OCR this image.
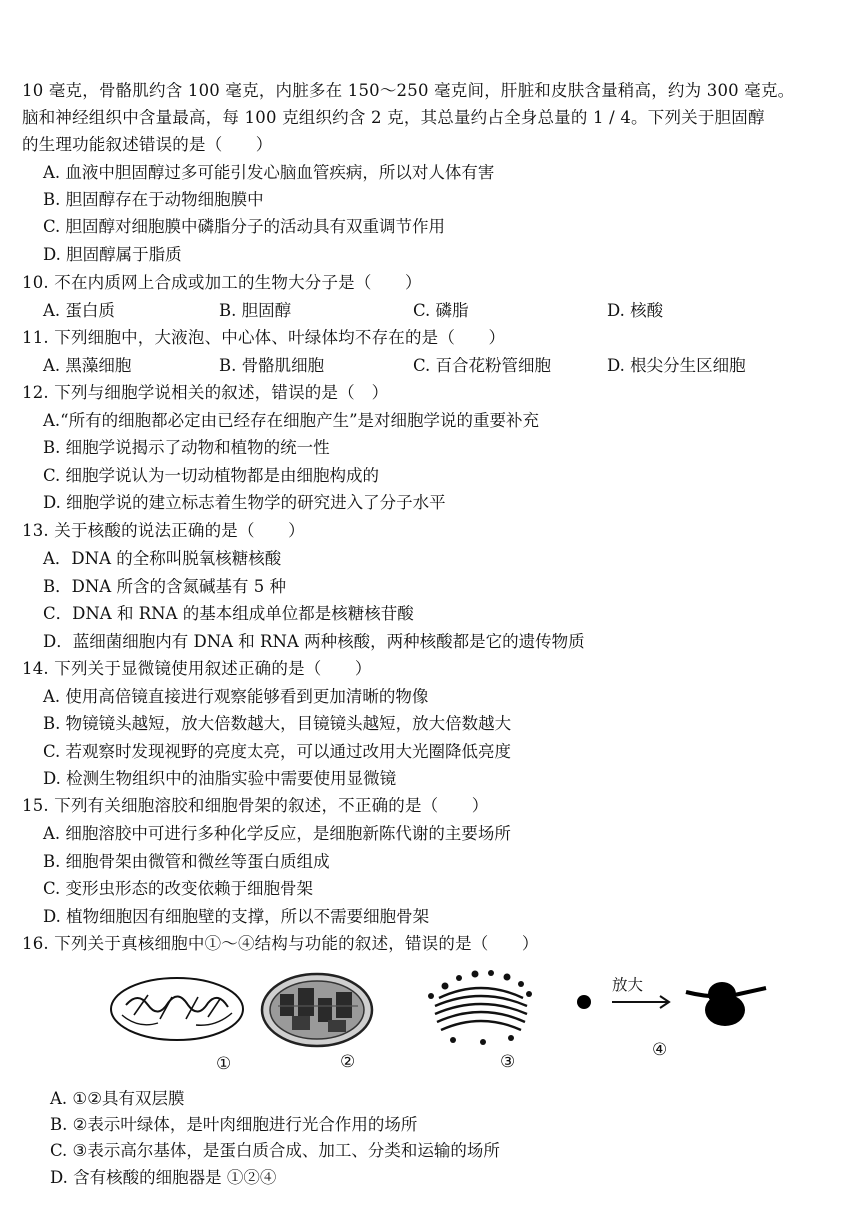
10 毫克，骨骼肌约含 100 毫克，内脏多在 150～250 毫克间，肝脏和皮肤含量稍高，约为 300 毫克。
脑和神经组织中含量最高，每 100 克组织约含 2 克，其总量约占全身总量的 1 / 4。下列关于胆固醇
的生理功能叙述错误的是（　　）
A. 血液中胆固醇过多可能引发心脑血管疾病，所以对人体有害
B. 胆固醇存在于动物细胞膜中
C. 胆固醇对细胞膜中磷脂分子的活动具有双重调节作用
D. 胆固醇属于脂质
10. 不在内质网上合成或加工的生物大分子是（　　）
A. 蛋白质	B. 胆固醇	C. 磷脂	D. 核酸
11. 下列细胞中，大液泡、中心体、叶绿体均不存在的是（　　）
A. 黑藻细胞	B. 骨骼肌细胞	C. 百合花粉管细胞	D. 根尖分生区细胞
12. 下列与细胞学说相关的叙述，错误的是（　）
A.“所有的细胞都必定由已经存在细胞产生”是对细胞学说的重要补充
B. 细胞学说揭示了动物和植物的统一性
C. 细胞学说认为一切动植物都是由细胞构成的
D. 细胞学说的建立标志着生物学的研究进入了分子水平
13. 关于核酸的说法正确的是（　　）
A．DNA 的全称叫脱氧核糖核酸
B．DNA 所含的含氮碱基有 5 种
C．DNA 和 RNA 的基本组成单位都是核糖核苷酸
D．蓝细菌细胞内有 DNA 和 RNA 两种核酸，两种核酸都是它的遗传物质
14. 下列关于显微镜使用叙述正确的是（　　）
A. 使用高倍镜直接进行观察能够看到更加清晰的物像
B. 物镜镜头越短，放大倍数越大，目镜镜头越短，放大倍数越大
C. 若观察时发现视野的亮度太亮，可以通过改用大光圈降低亮度
D. 检测生物组织中的油脂实验中需要使用显微镜
15. 下列有关细胞溶胶和细胞骨架的叙述，不正确的是（　　）
A. 细胞溶胶中可进行多种化学反应，是细胞新陈代谢的主要场所
B. 细胞骨架由微管和微丝等蛋白质组成
C. 变形虫形态的改变依赖于细胞骨架
D. 植物细胞因有细胞壁的支撑，所以不需要细胞骨架
16. 下列关于真核细胞中①～④结构与功能的叙述，错误的是（　　）
放大
①	②	③
④
A. ①②具有双层膜
B. ②表示叶绿体，是叶肉细胞进行光合作用的场所
C. ③表示高尔基体，是蛋白质合成、加工、分类和运输的场所
D. 含有核酸的细胞器是 ①②④
